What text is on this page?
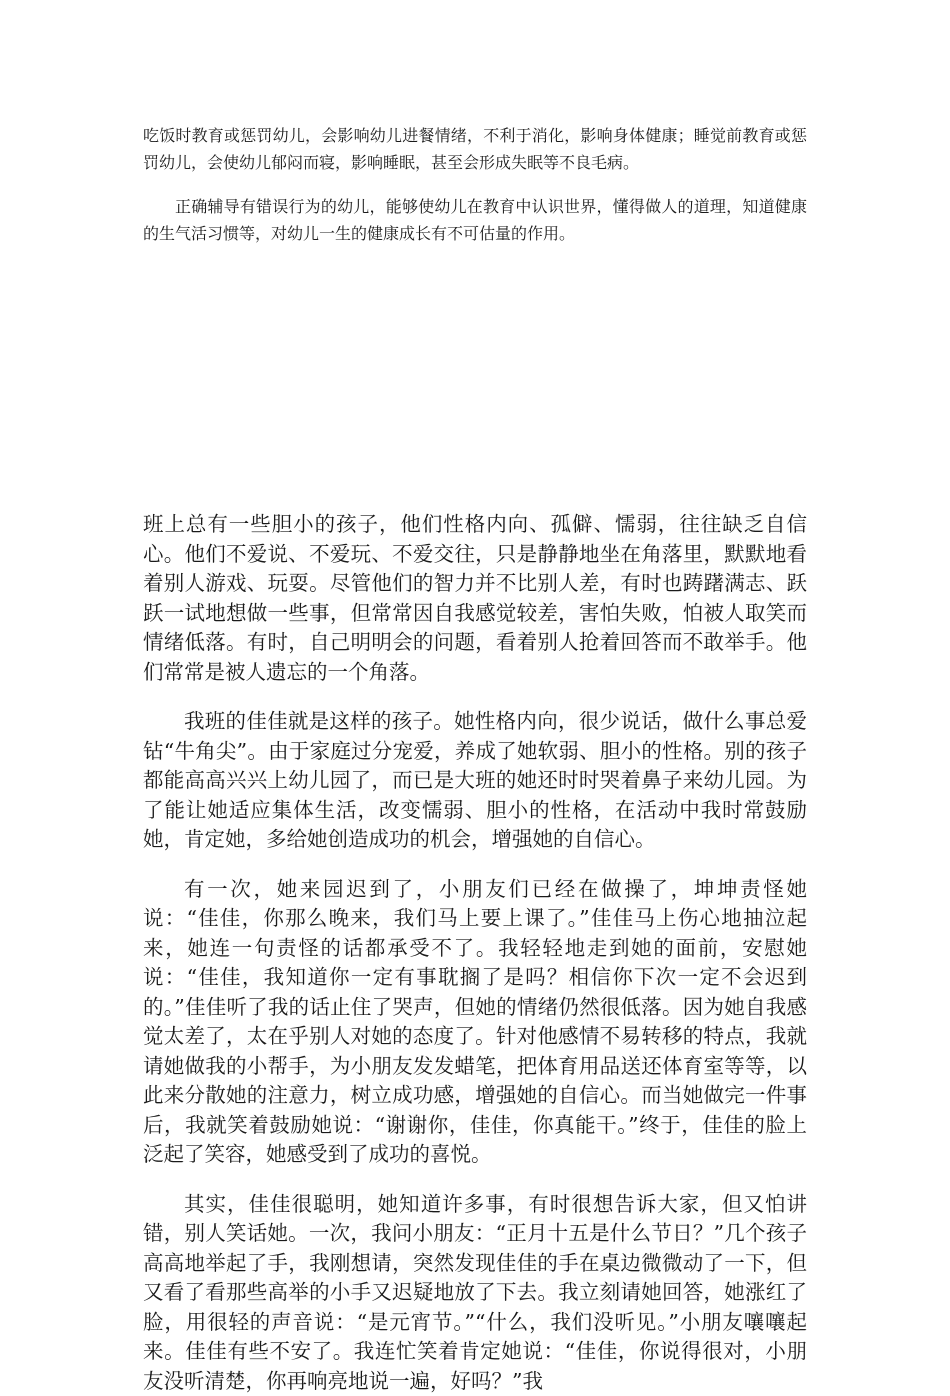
吃饭时教育或惩罚幼儿，会影响幼儿进餐情绪，不利于消化，影响身体健康；睡觉前教育或惩罚幼儿，会使幼儿郁闷而寝，影响睡眠，甚至会形成失眠等不良毛病。

正确辅导有错误行为的幼儿，能够使幼儿在教育中认识世界，懂得做人的道理，知道健康的生气活习惯等，对幼儿一生的健康成长有不可估量的作用。

班上总有一些胆小的孩子，他们性格内向、孤僻、懦弱，往往缺乏自信心。他们不爱说、不爱玩、不爱交往，只是静静地坐在角落里，默默地看着别人游戏、玩耍。尽管他们的智力并不比别人差，有时也踌躇满志、跃跃一试地想做一些事，但常常因自我感觉较差，害怕失败，怕被人取笑而情绪低落。有时，自己明明会的问题，看着别人抢着回答而不敢举手。他们常常是被人遗忘的一个角落。

我班的佳佳就是这样的孩子。她性格内向，很少说话，做什么事总爱钻“牛角尖”。由于家庭过分宠爱，养成了她软弱、胆小的性格。别的孩子都能高高兴兴上幼儿园了，而已是大班的她还时时哭着鼻子来幼儿园。为了能让她适应集体生活，改变懦弱、胆小的性格，在活动中我时常鼓励她，肯定她，多给她创造成功的机会，增强她的自信心。

有一次，她来园迟到了，小朋友们已经在做操了，坤坤责怪她说：“佳佳，你那么晚来，我们马上要上课了。”佳佳马上伤心地抽泣起来，她连一句责怪的话都承受不了。我轻轻地走到她的面前，安慰她说：“佳佳，我知道你一定有事耽搁了是吗？相信你下次一定不会迟到的。”佳佳听了我的话止住了哭声，但她的情绪仍然很低落。因为她自我感觉太差了，太在乎别人对她的态度了。针对他感情不易转移的特点，我就请她做我的小帮手，为小朋友发发蜡笔，把体育用品送还体育室等等，以此来分散她的注意力，树立成功感，增强她的自信心。而当她做完一件事后，我就笑着鼓励她说：“谢谢你，佳佳，你真能干。”终于，佳佳的脸上泛起了笑容，她感受到了成功的喜悦。

其实，佳佳很聪明，她知道许多事，有时很想告诉大家，但又怕讲错，别人笑话她。一次，我问小朋友：“正月十五是什么节日？”几个孩子高高地举起了手，我刚想请，突然发现佳佳的手在桌边微微动了一下，但又看了看那些高举的小手又迟疑地放了下去。我立刻请她回答，她涨红了脸，用很轻的声音说：“是元宵节。”“什么，我们没听见。”小朋友嚷嚷起来。佳佳有些不安了。我连忙笑着肯定她说：“佳佳，你说得很对，小朋友没听清楚，你再响亮地说一遍，好吗？”我
